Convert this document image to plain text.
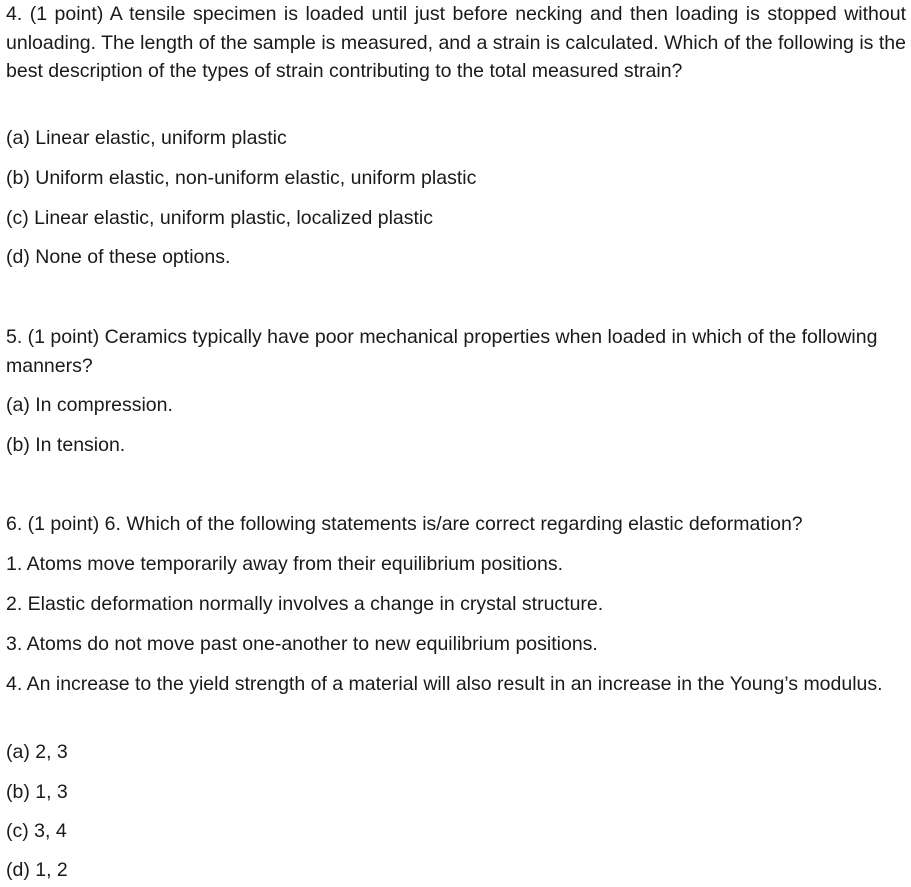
4. (1 point) A tensile specimen is loaded until just before necking and then loading is stopped without unloading. The length of the sample is measured, and a strain is calculated. Which of the following is the best description of the types of strain contributing to the total measured strain?

(a) Linear elastic, uniform plastic

(b) Uniform elastic, non-uniform elastic, uniform plastic

(c) Linear elastic, uniform plastic, localized plastic

(d) None of these options.

5. (1 point) Ceramics typically have poor mechanical properties when loaded in which of the following manners?

(a) In compression.

(b) In tension.

6. (1 point) 6. Which of the following statements is/are correct regarding elastic deformation?

1. Atoms move temporarily away from their equilibrium positions.

2. Elastic deformation normally involves a change in crystal structure.

3. Atoms do not move past one-another to new equilibrium positions.

4. An increase to the yield strength of a material will also result in an increase in the Young’s modulus.

(a) 2, 3

(b) 1, 3

(c) 3, 4

(d) 1, 2
